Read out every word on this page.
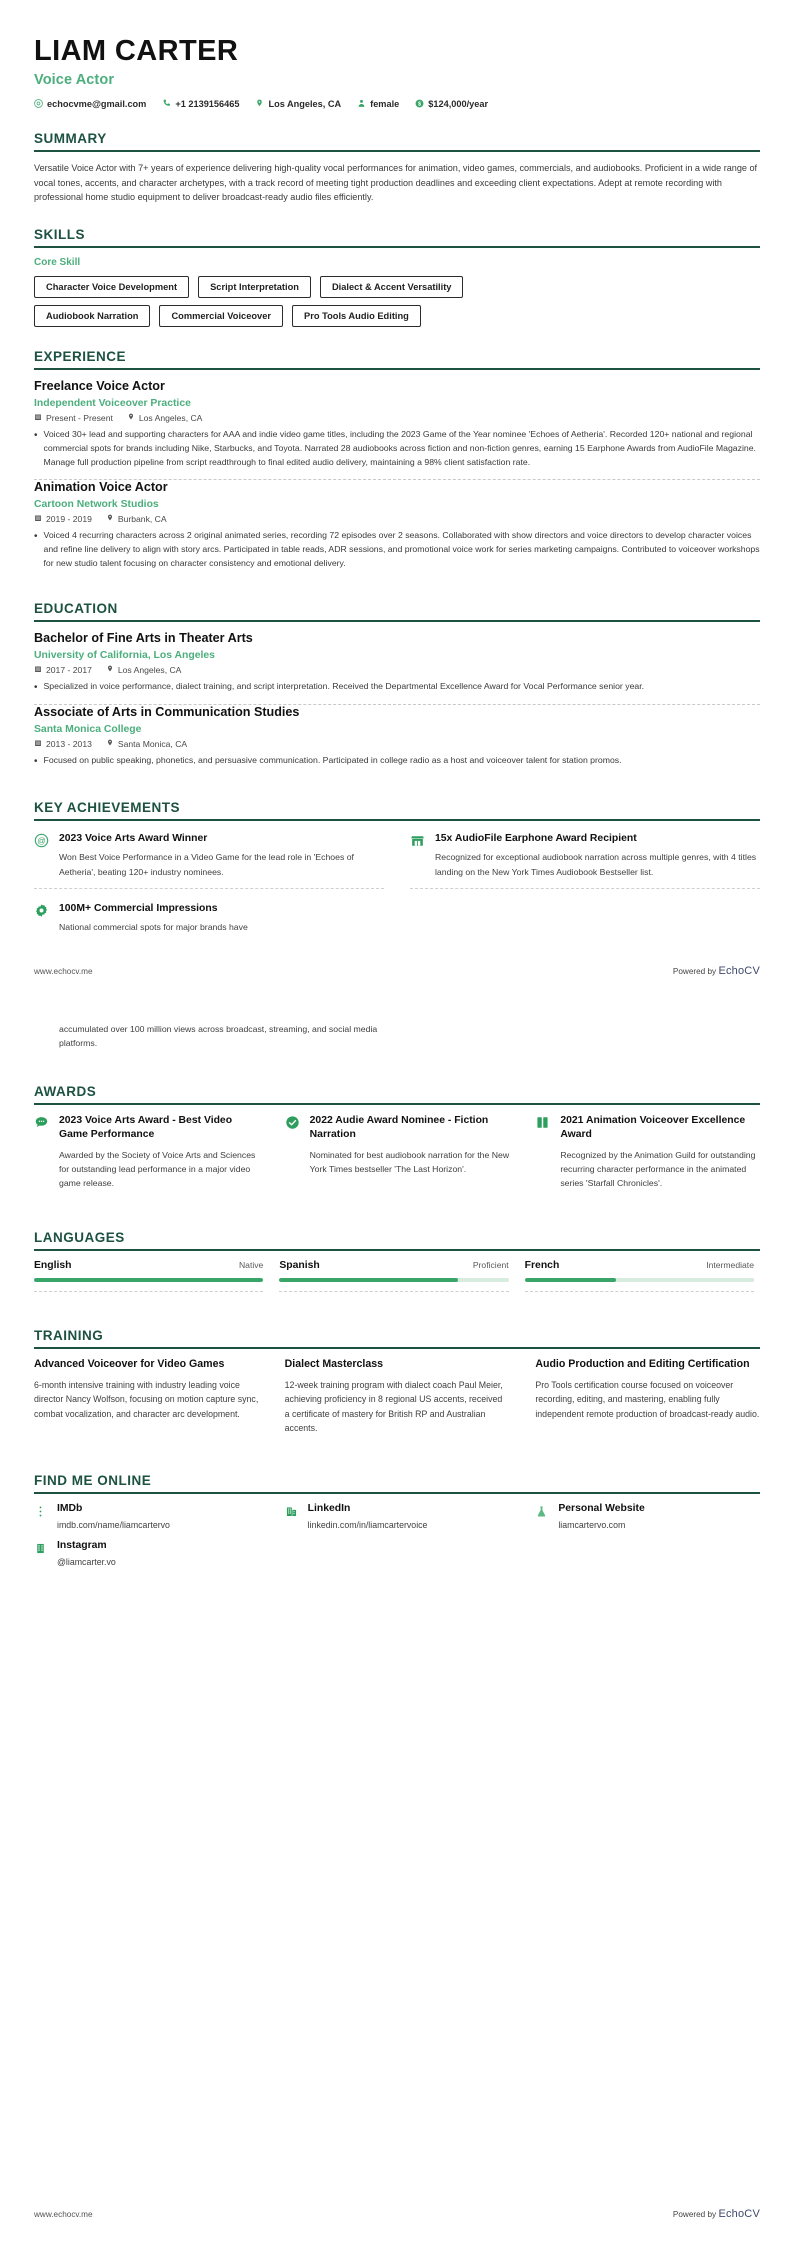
LIAM CARTER
Voice Actor
echocvme@gmail.com	+1 2139156465	Los Angeles, CA	female $ $124,000/year
SUMMARY
Versatile Voice Actor with 7+ years of experience delivering high-quality vocal performances for animation, video games, commercials, and audiobooks. Proficient in a wide range of vocal tones, accents, and character archetypes, with a track record of meeting tight production deadlines and exceeding client expectations. Adept at remote recording with professional home studio equipment to deliver broadcast-ready audio files efficiently.
SKILLS
Core Skill
Character Voice Development	Script Interpretation	Dialect & Accent Versatility
Audiobook Narration	Commercial Voiceover	Pro Tools Audio Editing
EXPERIENCE
Freelance Voice Actor
Independent Voiceover Practice
Present - Present	Los Angeles, CA
• Voiced 30+ lead and supporting characters for AAA and indie video game titles, including the 2023 Game of the Year nominee 'Echoes of Aetheria'. Recorded 120+ national and regional commercial spots for brands including Nike, Starbucks, and Toyota. Narrated 28 audiobooks across fiction and non-fiction genres, earning 15 Earphone Awards from AudioFile Magazine. Manage full production pipeline from script readthrough to final edited audio delivery, maintaining a 98% client satisfaction rate.
Animation Voice Actor
Cartoon Network Studios
2019 - 2019	Burbank, CA
• Voiced 4 recurring characters across 2 original animated series, recording 72 episodes over 2 seasons. Collaborated with show directors and voice directors to develop character voices and refine line delivery to align with story arcs. Participated in table reads, ADR sessions, and promotional voice work for series marketing campaigns. Contributed to voiceover workshops for new studio talent focusing on character consistency and emotional delivery.
EDUCATION
Bachelor of Fine Arts in Theater Arts
University of California, Los Angeles
2017 - 2017	Los Angeles, CA
• Specialized in voice performance, dialect training, and script interpretation. Received the Departmental Excellence Award for Vocal Performance senior year.
Associate of Arts in Communication Studies
Santa Monica College
2013 - 2013	Santa Monica, CA
• Focused on public speaking, phonetics, and persuasive communication. Participated in college radio as a host and voiceover talent for station promos.
KEY ACHIEVEMENTS
@ 2023 Voice Arts Award Winner
Won Best Voice Performance in a Video Game for the lead role in 'Echoes of Aetheria', beating 120+ industry nominees.
100M+ Commercial Impressions
National commercial spots for major brands have
15x AudioFile Earphone Award Recipient
Recognized for exceptional audiobook narration across multiple genres, with 4 titles landing on the New York Times Audiobook Bestseller list.
www.echocv.me	Powered by EchoCV
accumulated over 100 million views across broadcast, streaming, and social media platforms.
AWARDS
2023 Voice Arts Award - Best Video Game Performance
Awarded by the Society of Voice Arts and Sciences for outstanding lead performance in a major video game release.
2022 Audie Award Nominee - Fiction Narration
Nominated for best audiobook narration for the New York Times bestseller 'The Last Horizon'.
2021 Animation Voiceover Excellence Award
Recognized by the Animation Guild for outstanding recurring character performance in the animated series 'Starfall Chronicles'.
LANGUAGES
English	Native Spanish	Proficient French	Intermediate
TRAINING
Advanced Voiceover for Video Games
6-month intensive training with industry leading voice director Nancy Wolfson, focusing on motion capture sync, combat vocalization, and character arc development.
Dialect Masterclass
12-week training program with dialect coach Paul Meier, achieving proficiency in 8 regional US accents, received a certificate of mastery for British RP and Australian accents.
Audio Production and Editing Certification
Pro Tools certification course focused on voiceover recording, editing, and mastering, enabling fully independent remote production of broadcast-ready audio.
FIND ME ONLINE
IMDb
imdb.com/name/liamcartervo
LinkedIn
linkedin.com/in/liamcartervoice
Personal Website
liamcartervo.com
Instagram
@liamcarter.vo
www.echocv.me	Powered by EchoCV
